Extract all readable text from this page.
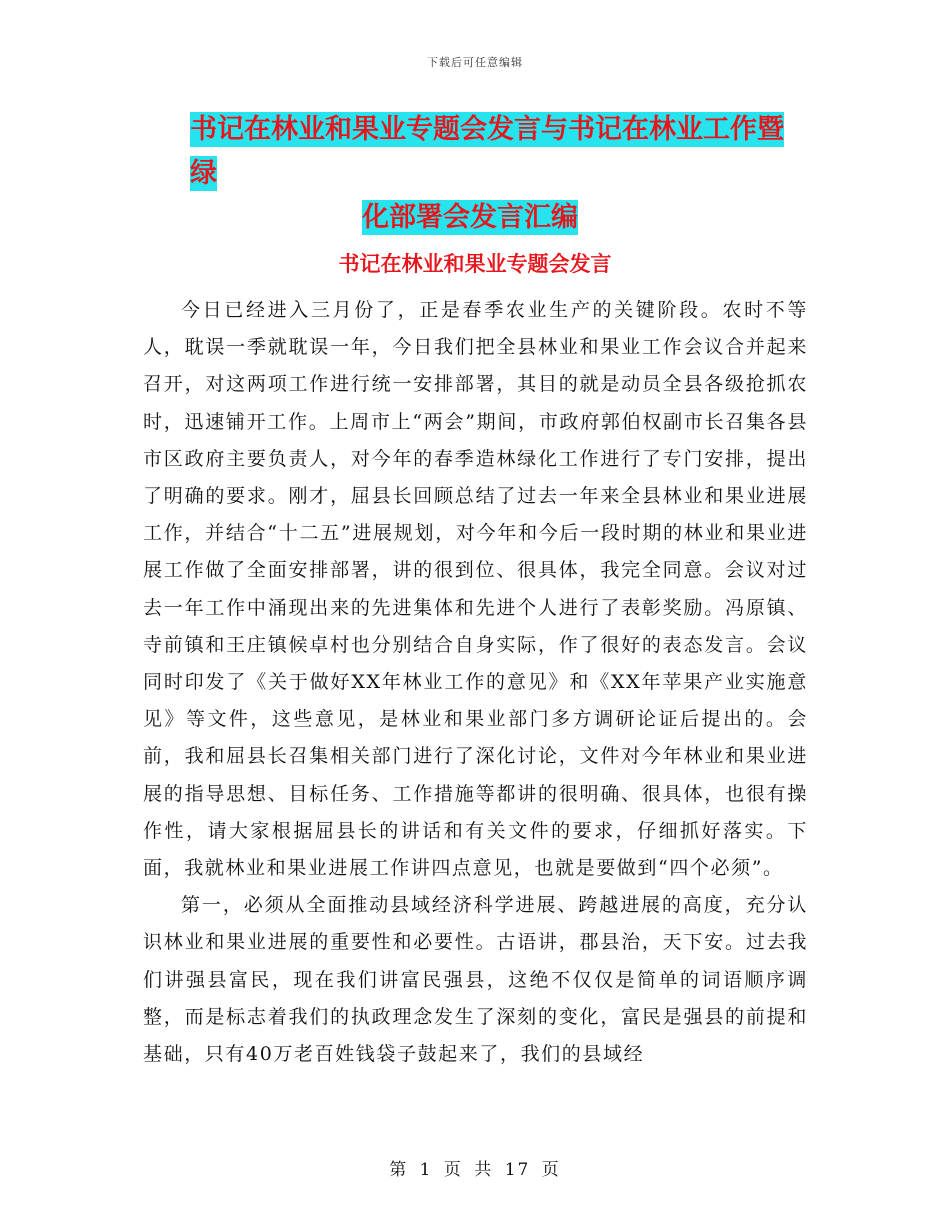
下载后可任意编辑
书记在林业和果业专题会发言与书记在林业工作暨绿
化部署会发言汇编
书记在林业和果业专题会发言

今日已经进入三月份了，正是春季农业生产的关键阶段。农时不等人，耽误一季就耽误一年，今日我们把全县林业和果业工作会议合并起来召开，对这两项工作进行统一安排部署，其目的就是动员全县各级抢抓农时，迅速铺开工作。上周市上“两会”期间，市政府郭伯权副市长召集各县市区政府主要负责人，对今年的春季造林绿化工作进行了专门安排，提出了明确的要求。刚才，屈县长回顾总结了过去一年来全县林业和果业进展工作，并结合“十二五”进展规划，对今年和今后一段时期的林业和果业进展工作做了全面安排部署，讲的很到位、很具体，我完全同意。会议对过去一年工作中涌现出来的先进集体和先进个人进行了表彰奖励。冯原镇、寺前镇和王庄镇候卓村也分别结合自身实际，作了很好的表态发言。会议同时印发了《关于做好XX年林业工作的意见》和《XX年苹果产业实施意见》等文件，这些意见，是林业和果业部门多方调研论证后提出的。会前，我和屈县长召集相关部门进行了深化讨论，文件对今年林业和果业进展的指导思想、目标任务、工作措施等都讲的很明确、很具体，也很有操作性，请大家根据屈县长的讲话和有关文件的要求，仔细抓好落实。下面，我就林业和果业进展工作讲四点意见，也就是要做到“四个必须”。

第一，必须从全面推动县域经济科学进展、跨越进展的高度，充分认识林业和果业进展的重要性和必要性。古语讲，郡县治，天下安。过去我们讲强县富民，现在我们讲富民强县，这绝不仅仅是简单的词语顺序调整，而是标志着我们的执政理念发生了深刻的变化，富民是强县的前提和基础，只有40万老百姓钱袋子鼓起来了，我们的县域经

第 1 页 共 17 页
